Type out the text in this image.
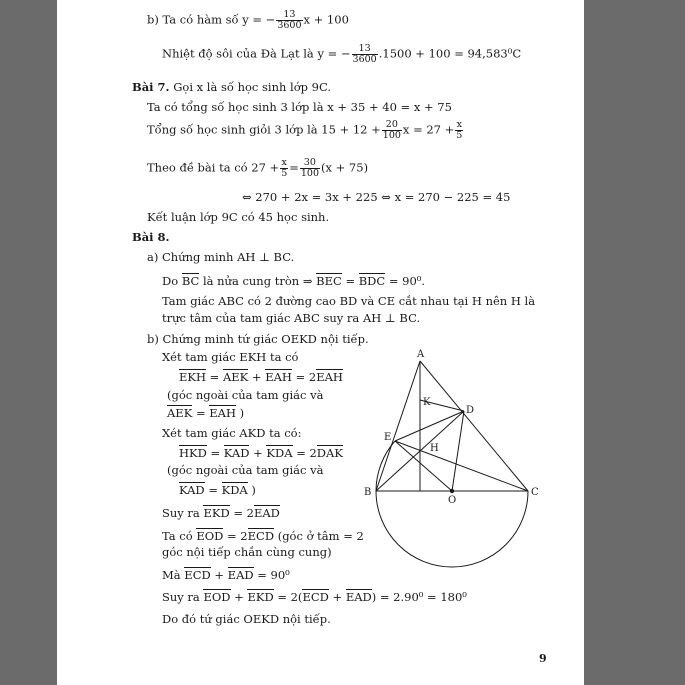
b) Ta có hàm số y = − $\frac{13}{3600}$ x + 100
Nhiệt độ sôi của Đà Lạt là y = − $\frac{13}{3600} .1500 + 100 = 94,583^0C$
Bài 7. Gọi x là số học sinh lớp 9C.
Ta có tổng số học sinh 3 lớp là x + 35 + 40 = x + 75
Tổng số học sinh giỏi 3 lớp là $15 + 12 + \frac{20}{100}$ $x = 27 + \frac{x}{5}$
Theo đề bài ta có $27 + \frac{x}{5} = \frac{30}{100} (x + 75)$
⇔ 270 + 2x = 3x + 225 ⇔ x = 270 − 225 = 45
Kết luận lớp 9C có 45 học sinh.
Bài 8.
a) Chứng minh AH ⊥ BC.
Do BC là nửa cung tròn ⇒ BEC = BDC = 90⁰.
Tam giác ABC có 2 đường cao BD và CE cắt nhau tại H nên H là
trực tâm của tam giác ABC suy ra AH ⊥ BC.
b) Chứng minh tứ giác OEKD nội tiếp.
Xét tam giác EKH ta có
EKH = AEK + EAH = 2EAH
(góc ngoài của tam giác và
AEK = EAH )
Xét tam giác AKD ta có:
HKD = KAD + KDA = 2DAK
(góc ngoài của tam giác và
KAD = KDA )
Suy ra EKD = 2EAD
Ta có EOD = 2ECD (góc ở tâm = 2
góc nội tiếp chắn cùng cung)
Mà ECD + EAD = 90⁰
Suy ra EOD + EKD = 2(ECD + EAD) = 2.90⁰ = 180⁰
Do đó tứ giác OEKD nội tiếp.
A
K
D
E
H
B
O
C
9
